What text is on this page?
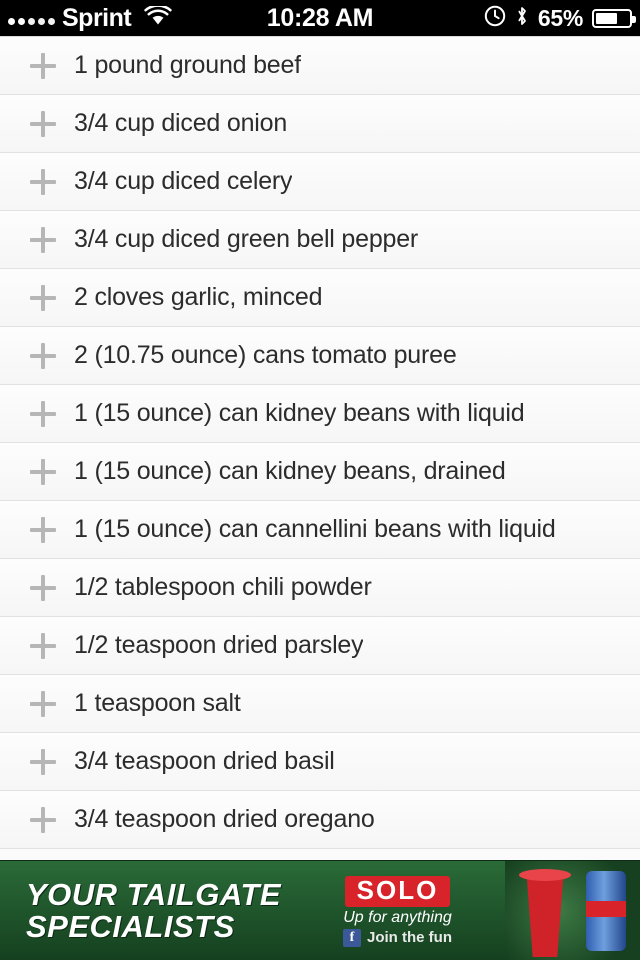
Sprint	10:28 AM	65%
1 pound ground beef
3/4 cup diced onion
3/4 cup diced celery
3/4 cup diced green bell pepper
2 cloves garlic, minced
2 (10.75 ounce) cans tomato puree
1 (15 ounce) can kidney beans with liquid
1 (15 ounce) can kidney beans, drained
1 (15 ounce) can cannellini beans with liquid
1/2 tablespoon chili powder
1/2 teaspoon dried parsley
1 teaspoon salt
3/4 teaspoon dried basil
3/4 teaspoon dried oregano
YOUR TAILGATE
SPECIALISTS
SOLO
Up for anything
f Join the fun
